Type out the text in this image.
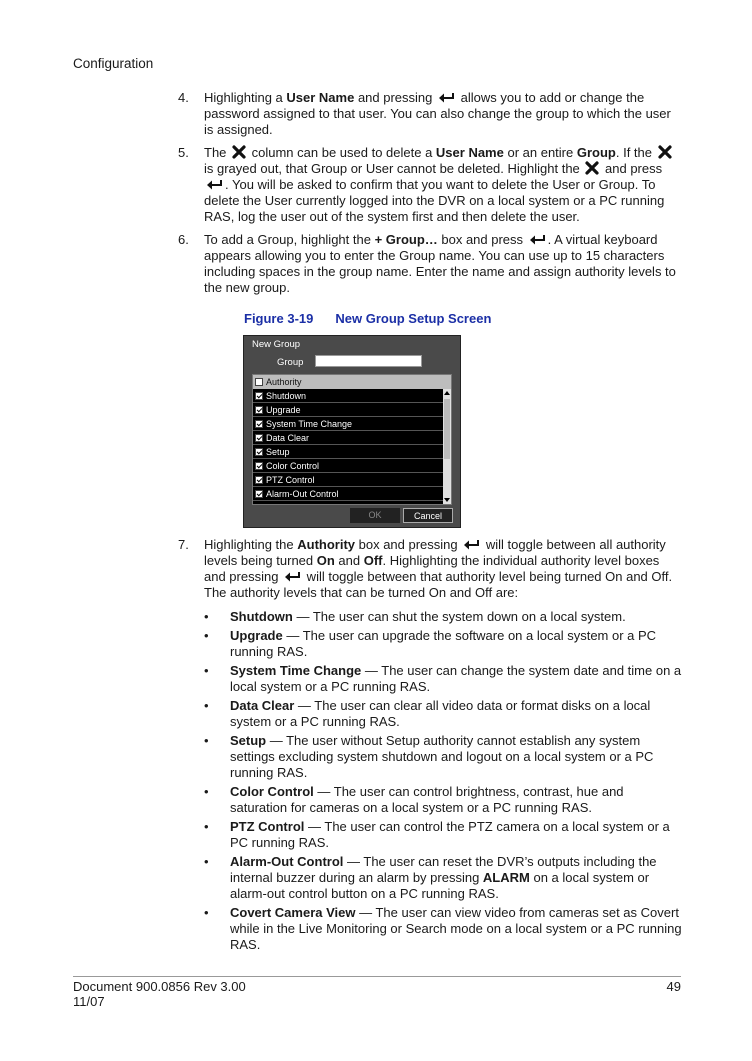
Configuration
4. Highlighting a User Name and pressing  allows you to add or change the password assigned to that user. You can also change the group to which the user is assigned.
5. The  column can be used to delete a User Name or an entire Group. If the  is grayed out, that Group or User cannot be deleted. Highlight the  and press . You will be asked to confirm that you want to delete the User or Group. To delete the User currently logged into the DVR on a local system or a PC running RAS, log the user out of the system first and then delete the user.
6. To add a Group, highlight the + Group… box and press . A virtual keyboard appears allowing you to enter the Group name. You can use up to 15 characters including spaces in the group name. Enter the name and assign authority levels to the new group.
Figure 3-19 New Group Setup Screen
New Group
Group
Authority
Shutdown
Upgrade
System Time Change
Data Clear
Setup
Color Control
PTZ Control
Alarm-Out Control
OK	Cancel
7. Highlighting the Authority box and pressing  will toggle between all authority levels being turned On and Off. Highlighting the individual authority level boxes and pressing  will toggle between that authority level being turned On and Off. The authority levels that can be turned On and Off are:
• Shutdown — The user can shut the system down on a local system.
• Upgrade — The user can upgrade the software on a local system or a PC running RAS.
• System Time Change — The user can change the system date and time on a local system or a PC running RAS.
• Data Clear — The user can clear all video data or format disks on a local system or a PC running RAS.
• Setup — The user without Setup authority cannot establish any system settings excluding system shutdown and logout on a local system or a PC running RAS.
• Color Control — The user can control brightness, contrast, hue and saturation for cameras on a local system or a PC running RAS.
• PTZ Control — The user can control the PTZ camera on a local system or a PC running RAS.
• Alarm-Out Control — The user can reset the DVR’s outputs including the internal buzzer during an alarm by pressing ALARM on a local system or alarm-out control button on a PC running RAS.
• Covert Camera View — The user can view video from cameras set as Covert while in the Live Monitoring or Search mode on a local system or a PC running RAS.
Document 900.0856 Rev 3.00
11/07
49
